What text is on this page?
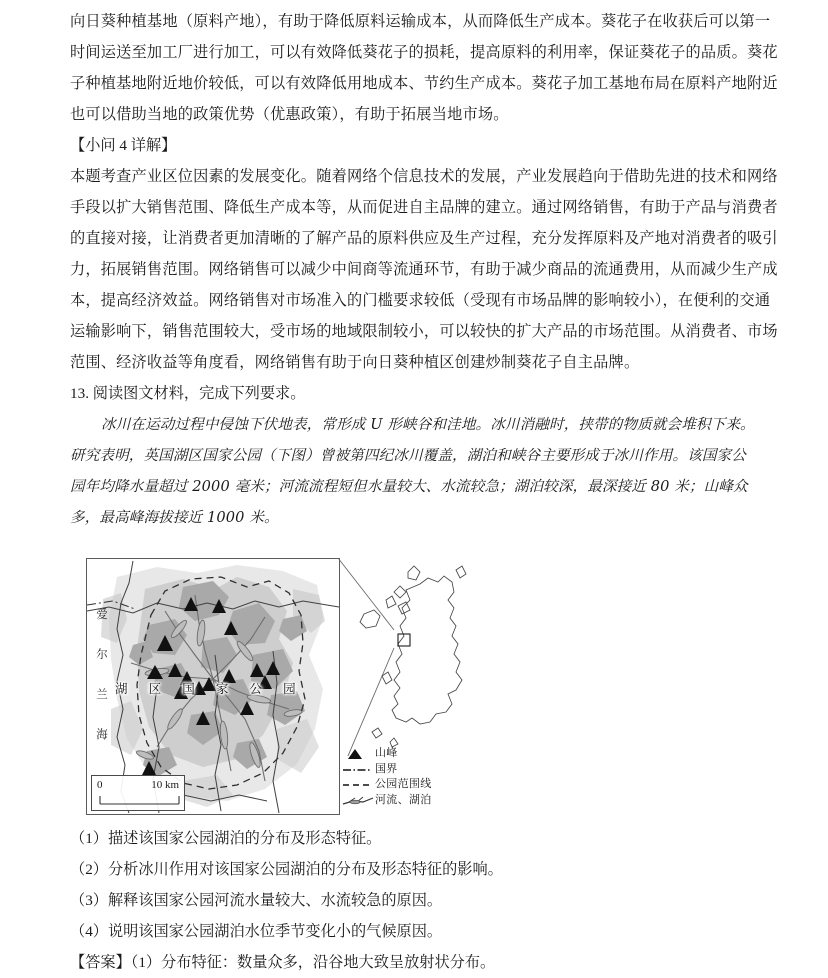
向日葵种植基地（原料产地），有助于降低原料运输成本，从而降低生产成本。葵花子在收获后可以第一

时间运送至加工厂进行加工，可以有效降低葵花子的损耗，提高原料的利用率，保证葵花子的品质。葵花

子种植基地附近地价较低，可以有效降低用地成本、节约生产成本。葵花子加工基地布局在原料产地附近

也可以借助当地的政策优势（优惠政策），有助于拓展当地市场。

【小问 4 详解】

本题考查产业区位因素的发展变化。随着网络个信息技术的发展，产业发展趋向于借助先进的技术和网络

手段以扩大销售范围、降低生产成本等，从而促进自主品牌的建立。通过网络销售，有助于产品与消费者

的直接对接，让消费者更加清晰的了解产品的原料供应及生产过程，充分发挥原料及产地对消费者的吸引

力，拓展销售范围。网络销售可以减少中间商等流通环节，有助于减少商品的流通费用，从而减少生产成

本，提高经济效益。网络销售对市场准入的门槛要求较低（受现有市场品牌的影响较小），在便利的交通

运输影响下，销售范围较大，受市场的地域限制较小，可以较快的扩大产品的市场范围。从消费者、市场

范围、经济收益等角度看，网络销售有助于向日葵种植区创建炒制葵花子自主品牌。

13. 阅读图文材料，完成下列要求。

冰川在运动过程中侵蚀下伏地表，常形成 U 形峡谷和洼地。冰川消融时，挟带的物质就会堆积下来。

研究表明，英国湖区国家公园（下图）曾被第四纪冰川覆盖，湖泊和峡谷主要形成于冰川作用。该国家公

园年均降水量超过 2000 毫米；河流流程短但水量较大、水流较急；湖泊较深，最深接近 80 米；山峰众

多，最高峰海拔接近 1000 米。

爱
尔
兰
海
湖 区 国 家 公 园
0	10 km
山峰
国界
公园范围线
河流、湖泊

（1）描述该国家公园湖泊的分布及形态特征。

（2）分析冰川作用对该国家公园湖泊的分布及形态特征的影响。

（3）解释该国家公园河流水量较大、水流较急的原因。

（4）说明该国家公园湖泊水位季节变化小的气候原因。

【答案】（1）分布特征：数量众多，沿谷地大致呈放射状分布。
